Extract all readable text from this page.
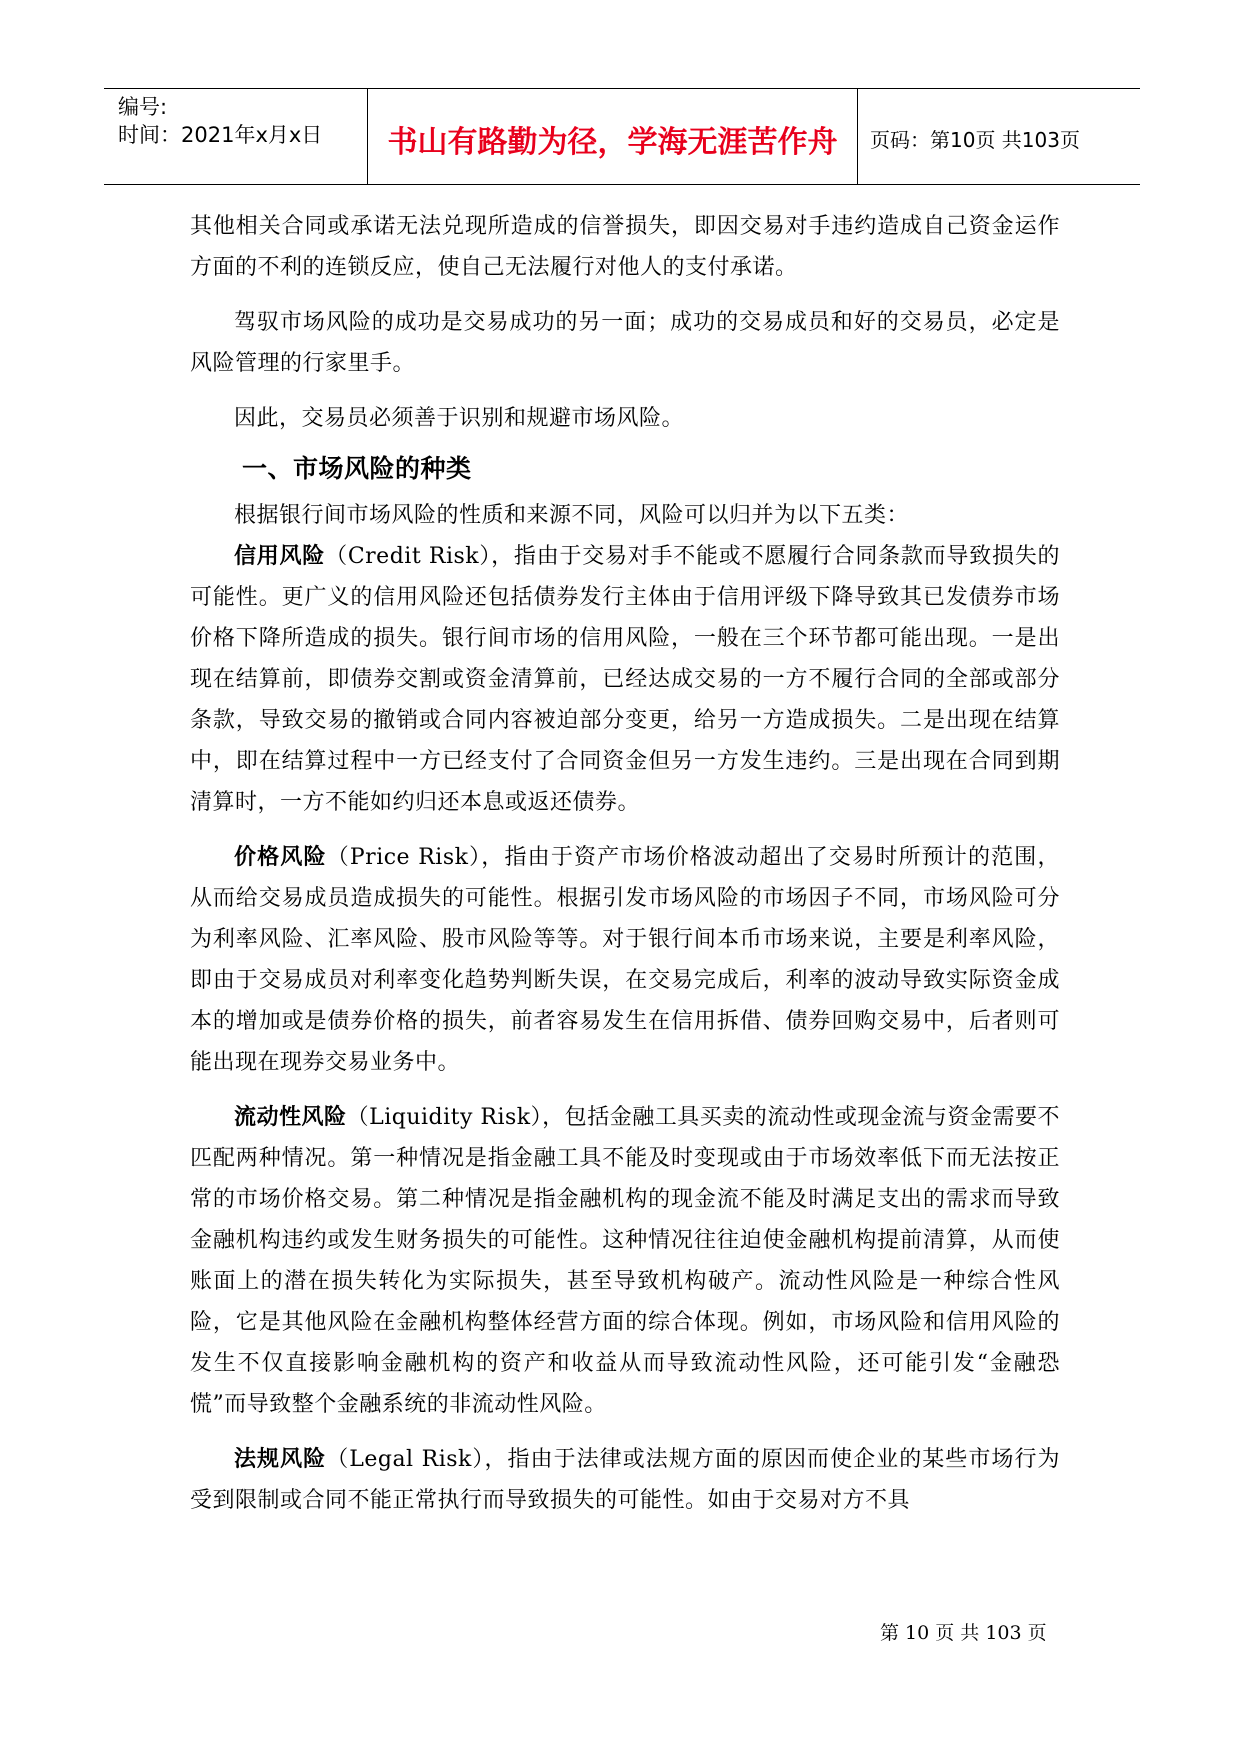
编号:
时间：2021年x月x日	书山有路勤为径，学海无涯苦作舟	页码：第10页 共103页

其他相关合同或承诺无法兑现所造成的信誉损失，即因交易对手违约造成自己资金运作方面的不利的连锁反应，使自己无法履行对他人的支付承诺。

驾驭市场风险的成功是交易成功的另一面；成功的交易成员和好的交易员，必定是风险管理的行家里手。

因此，交易员必须善于识别和规避市场风险。

一、市场风险的种类

根据银行间市场风险的性质和来源不同，风险可以归并为以下五类：

信用风险（Credit Risk），指由于交易对手不能或不愿履行合同条款而导致损失的可能性。更广义的信用风险还包括债券发行主体由于信用评级下降导致其已发债券市场价格下降所造成的损失。银行间市场的信用风险，一般在三个环节都可能出现。一是出现在结算前，即债券交割或资金清算前，已经达成交易的一方不履行合同的全部或部分条款，导致交易的撤销或合同内容被迫部分变更，给另一方造成损失。二是出现在结算中，即在结算过程中一方已经支付了合同资金但另一方发生违约。三是出现在合同到期清算时，一方不能如约归还本息或返还债券。

价格风险（Price Risk），指由于资产市场价格波动超出了交易时所预计的范围，从而给交易成员造成损失的可能性。根据引发市场风险的市场因子不同，市场风险可分为利率风险、汇率风险、股市风险等等。对于银行间本币市场来说，主要是利率风险，即由于交易成员对利率变化趋势判断失误，在交易完成后，利率的波动导致实际资金成本的增加或是债券价格的损失，前者容易发生在信用拆借、债券回购交易中，后者则可能出现在现券交易业务中。

流动性风险（Liquidity Risk），包括金融工具买卖的流动性或现金流与资金需要不匹配两种情况。第一种情况是指金融工具不能及时变现或由于市场效率低下而无法按正常的市场价格交易。第二种情况是指金融机构的现金流不能及时满足支出的需求而导致金融机构违约或发生财务损失的可能性。这种情况往往迫使金融机构提前清算，从而使账面上的潜在损失转化为实际损失，甚至导致机构破产。流动性风险是一种综合性风险，它是其他风险在金融机构整体经营方面的综合体现。例如，市场风险和信用风险的发生不仅直接影响金融机构的资产和收益从而导致流动性风险，还可能引发“金融恐慌”而导致整个金融系统的非流动性风险。

法规风险（Legal Risk），指由于法律或法规方面的原因而使企业的某些市场行为受到限制或合同不能正常执行而导致损失的可能性。如由于交易对方不具

第 10 页 共 103 页
